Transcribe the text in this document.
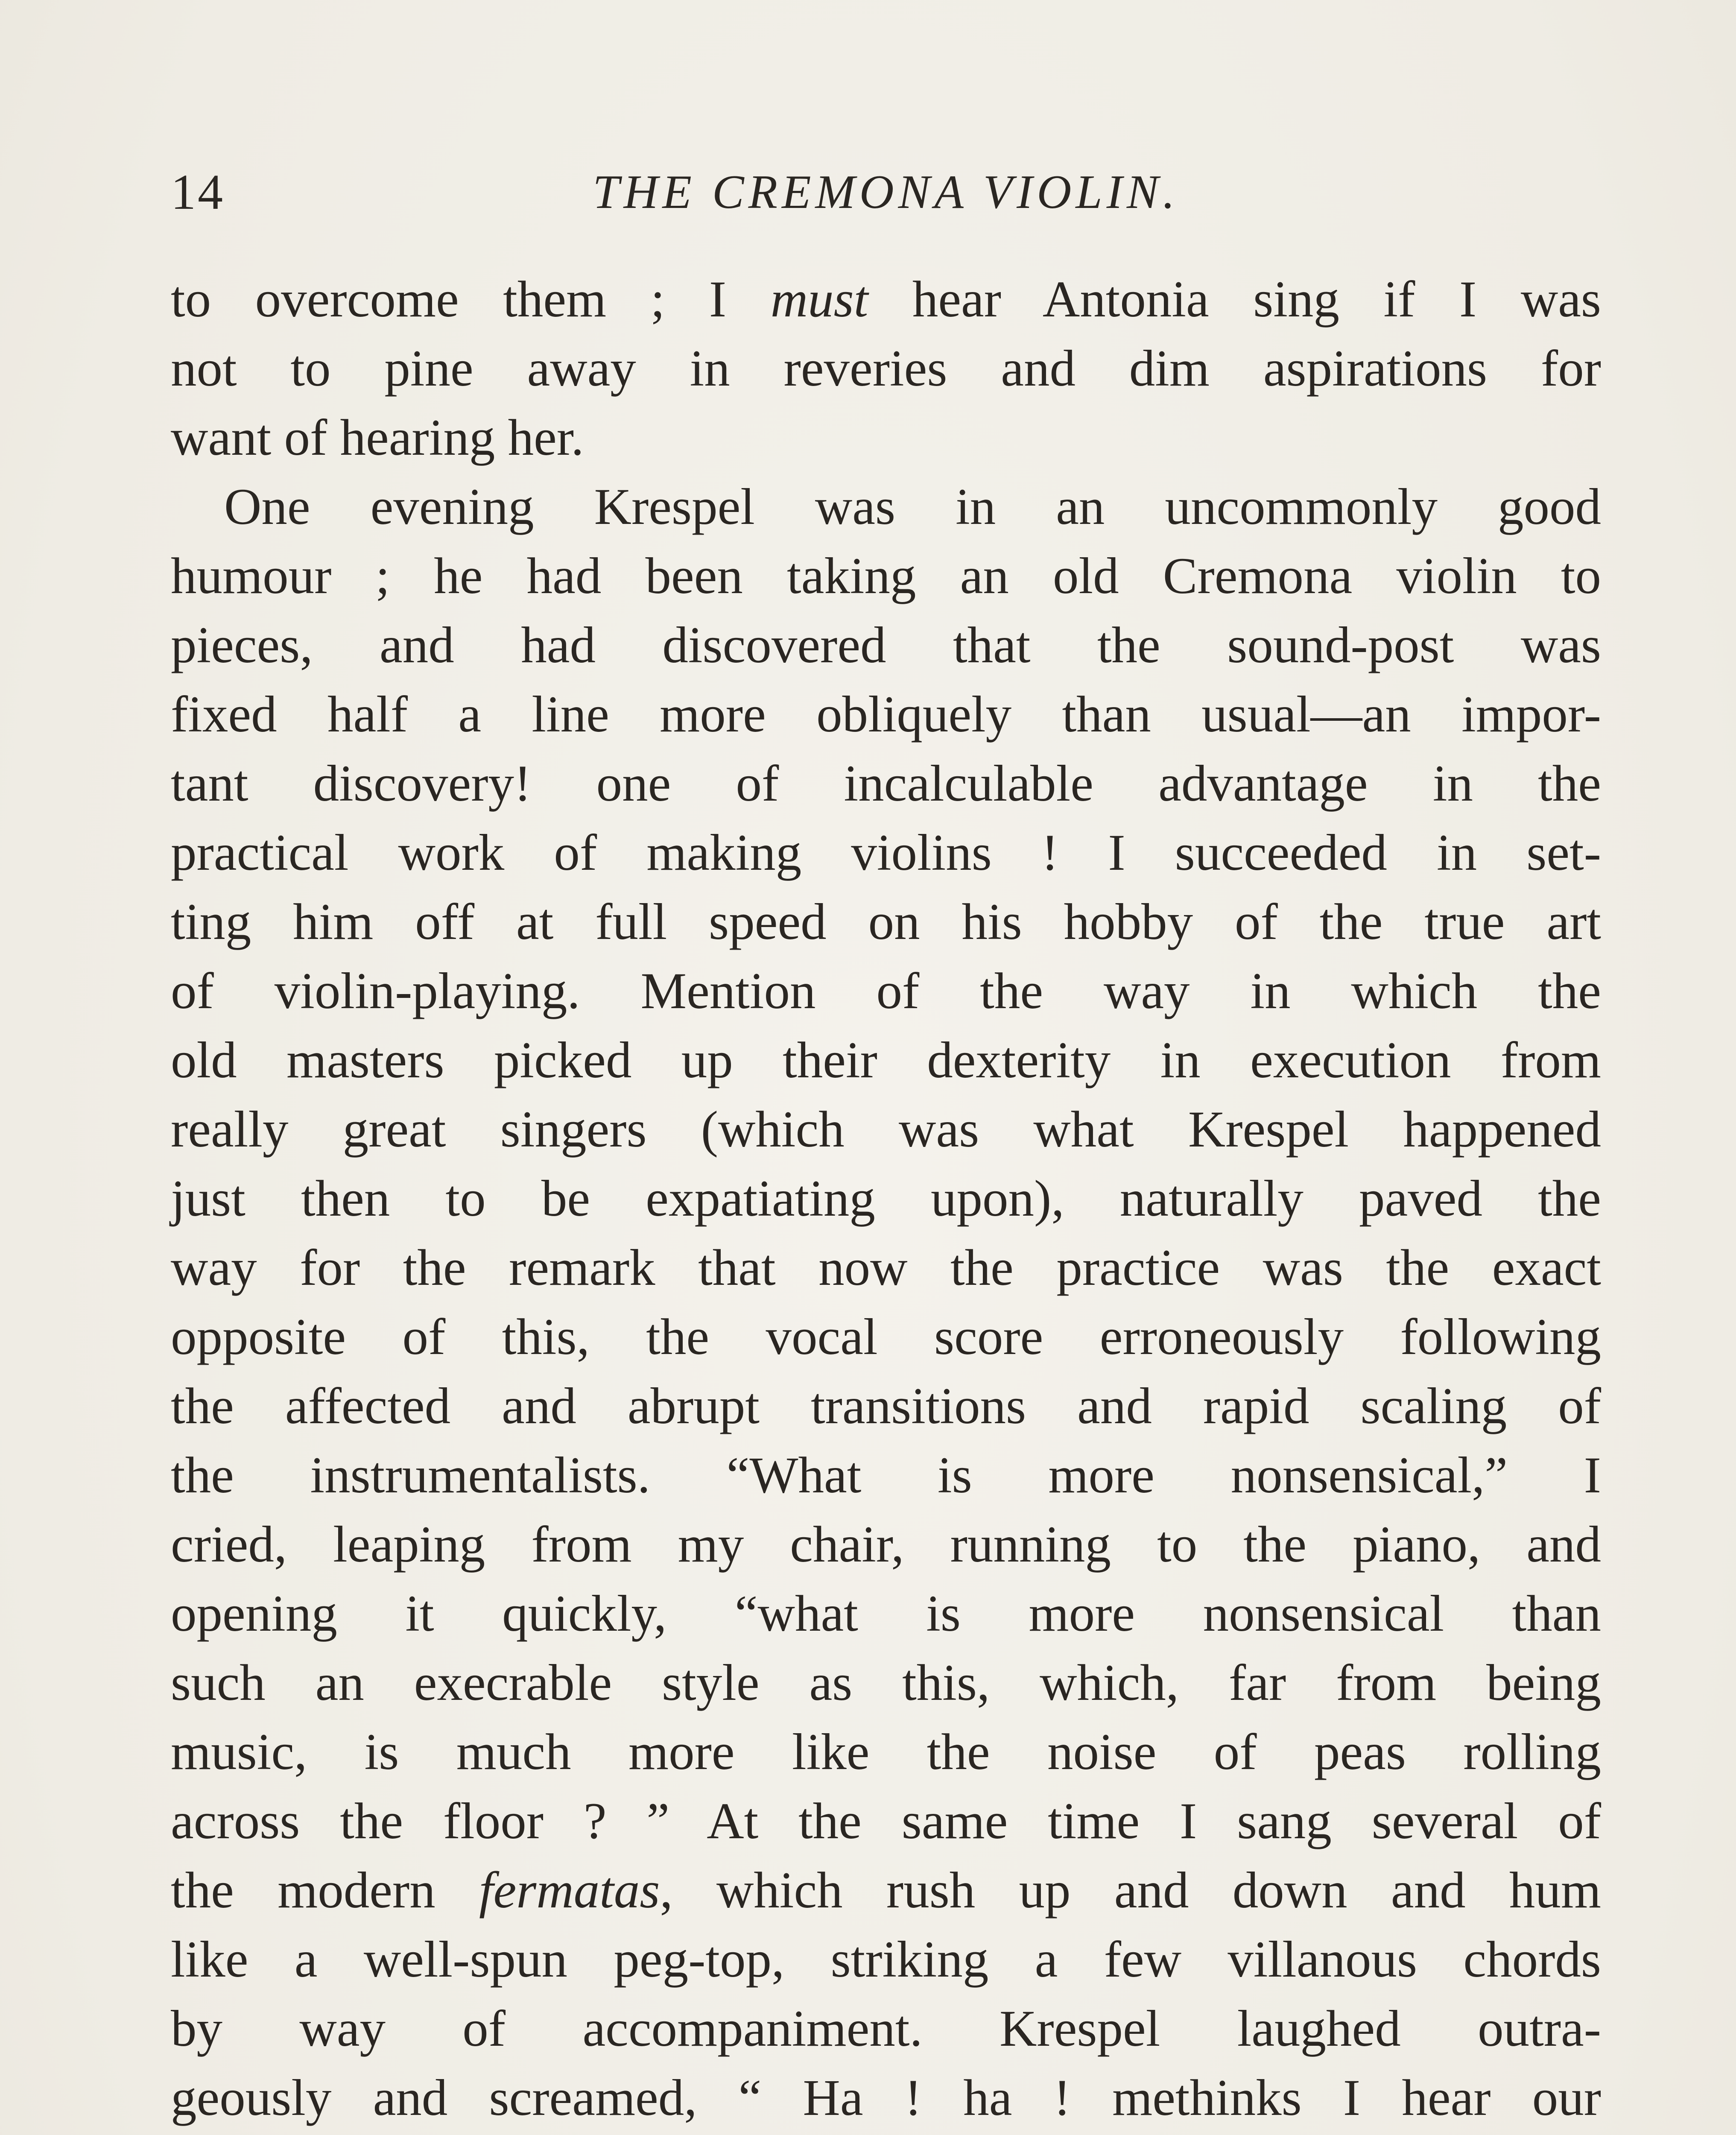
14	THE CREMONA VIOLIN.
to overcome them ; I must hear Antonia sing if I was
not to pine away in reveries and dim aspirations for
want of hearing her.
One evening Krespel was in an uncommonly good
humour ; he had been taking an old Cremona violin to
pieces, and had discovered that the sound-post was
fixed half a line more obliquely than usual—an impor-
tant discovery! one of incalculable advantage in the
practical work of making violins ! I succeeded in set-
ting him off at full speed on his hobby of the true art
of violin-playing. Mention of the way in which the
old masters picked up their dexterity in execution from
really great singers (which was what Krespel happened
just then to be expatiating upon), naturally paved the
way for the remark that now the practice was the exact
opposite of this, the vocal score erroneously following
the affected and abrupt transitions and rapid scaling of
the instrumentalists. “What is more nonsensical,” I
cried, leaping from my chair, running to the piano, and
opening it quickly, “what is more nonsensical than
such an execrable style as this, which, far from being
music, is much more like the noise of peas rolling
across the floor ? ” At the same time I sang several of
the modern fermatas, which rush up and down and hum
like a well-spun peg-top, striking a few villanous chords
by way of accompaniment. Krespel laughed outra-
geously and screamed, “ Ha ! ha ! methinks I hear our
